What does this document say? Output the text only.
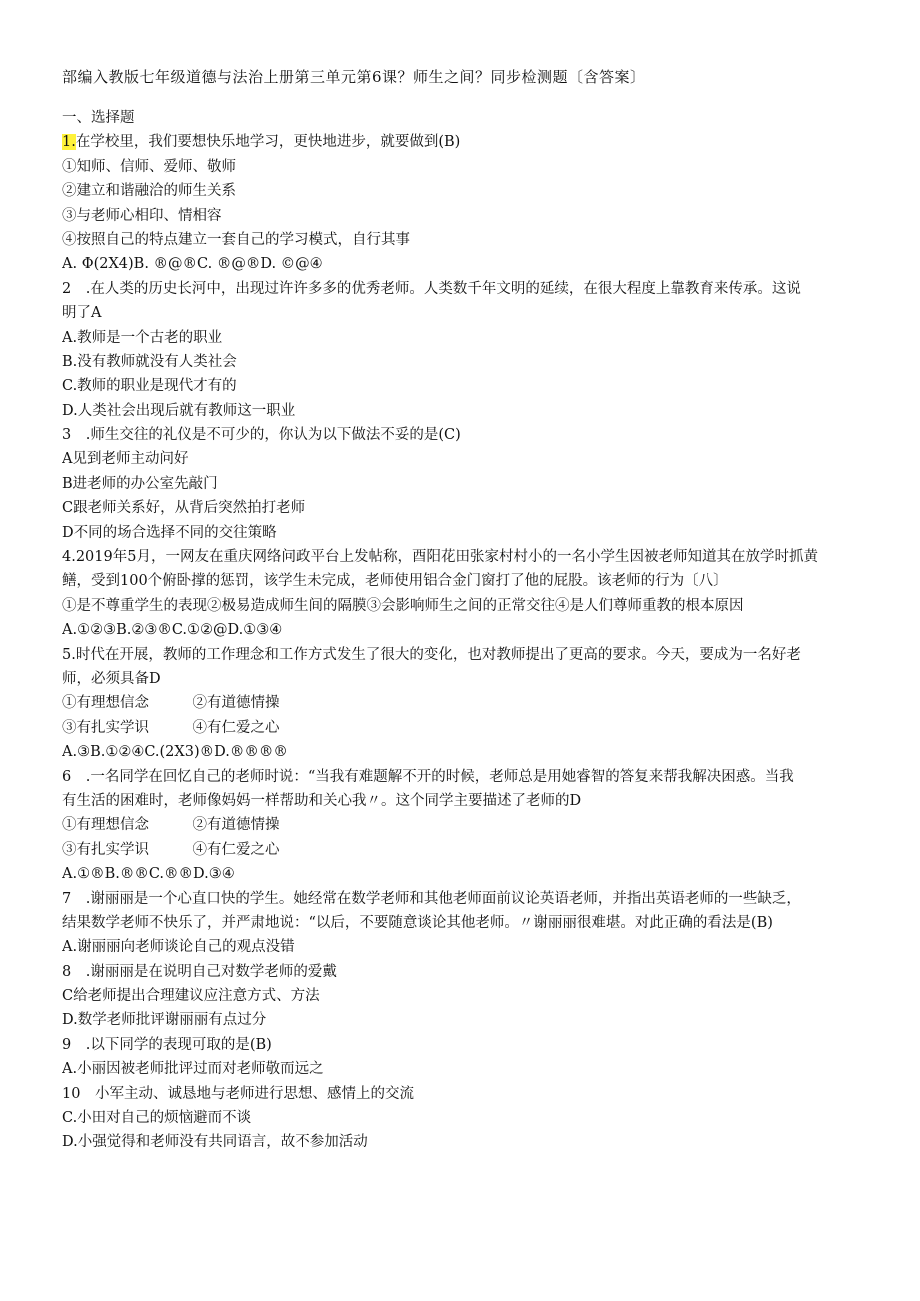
部编入教版七年级道德与法治上册第三单元第6课？师生之间？同步检测题〔含答案〕
一、选择题
1.在学校里，我们要想快乐地学习，更快地进步，就要做到(B)
①知师、信师、爱师、敬师
②建立和谐融洽的师生关系
③与老师心相印、情相容
④按照自己的特点建立一套自己的学习模式，自行其事
A. Φ(2X4)B. ®@®C. ®@®D. ©@④
2　.在人类的历史长河中，出现过许许多多的优秀老师。人类数千年文明的延续，在很大程度上靠教育来传承。这说
明了A
A.教师是一个古老的职业
B.没有教师就没有人类社会
C.教师的职业是现代才有的
D.人类社会出现后就有教师这一职业
3　.师生交往的礼仪是不可少的，你认为以下做法不妥的是(C)
A见到老师主动问好
B进老师的办公室先敲门
C跟老师关系好，从背后突然拍打老师
D不同的场合选择不同的交往策略
4.2019年5月，一网友在重庆网络问政平台上发帖称，酉阳花田张家村村小的一名小学生因被老师知道其在放学时抓黄
鳝，受到100个俯卧撑的惩罚，该学生未完成，老师使用铝合金门窗打了他的屁股。该老师的行为〔八〕
①是不尊重学生的表现②极易造成师生间的隔膜③会影响师生之间的正常交往④是人们尊师重教的根本原因
A.①②③B.②③®C.①②@D.①③④
5.时代在开展，教师的工作理念和工作方式发生了很大的变化，也对教师提出了更高的要求。今天，要成为一名好老
师，必须具备D
①有理想信念　　　②有道德情操
③有扎实学识　　　④有仁爱之心
A.③B.①②④C.(2X3)®D.®®®®
6　.一名同学在回忆自己的老师时说：“当我有难题解不开的时候，老师总是用她睿智的答复来帮我解决困惑。当我
有生活的困难时，老师像妈妈一样帮助和关心我〃。这个同学主要描述了老师的D
①有理想信念　　　②有道德情操
③有扎实学识　　　④有仁爱之心
A.①®B.®®C.®®D.③④
7　.谢丽丽是一个心直口快的学生。她经常在数学老师和其他老师面前议论英语老师，并指出英语老师的一些缺乏，
结果数学老师不快乐了，并严肃地说：“以后，不要随意谈论其他老师。〃谢丽丽很难堪。对此正确的看法是(B)
A.谢丽丽向老师谈论自己的观点没错
8　.谢丽丽是在说明自己对数学老师的爱戴
C给老师提出合理建议应注意方式、方法
D.数学老师批评谢丽丽有点过分
9　.以下同学的表现可取的是(B)
A.小丽因被老师批评过而对老师敬而远之
10　小军主动、诚恳地与老师进行思想、感情上的交流
C.小田对自己的烦恼避而不谈
D.小强觉得和老师没有共同语言，故不参加活动
